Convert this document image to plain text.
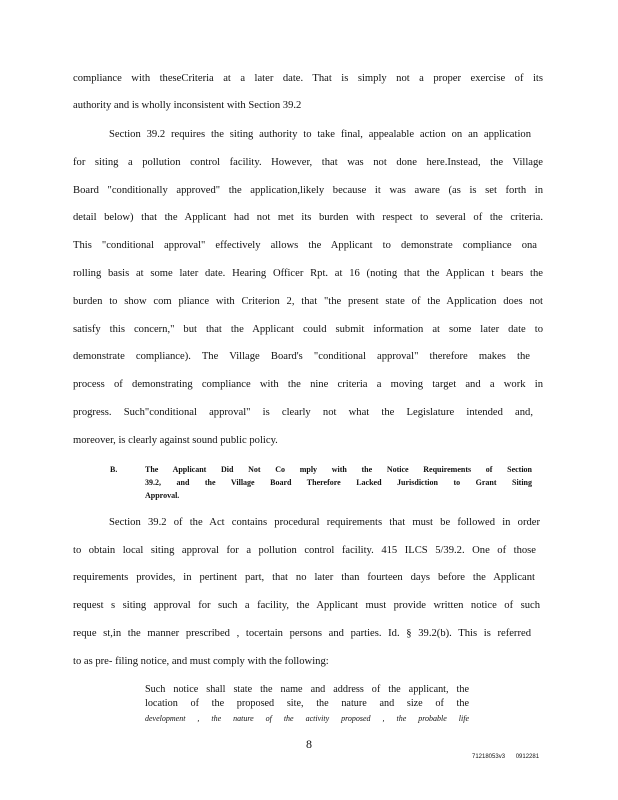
compliance with theseCriteria at a later date. That is simply not a proper exercise of its
authority and is wholly inconsistent with Section 39.2
Section 39.2 requires the siting authority to take final, appealable action on an application
for siting a pollution control facility. However, that was not done here.Instead, the Village
Board "conditionally approved" the application,likely because it was aware (as is set forth in
detail below) that the Applicant had not met its burden with respect to several of the criteria.
This "conditional approval" effectively allows the Applicant to demonstrate compliance ona
rolling basis at some later date. Hearing Officer Rpt. at 16 (noting that the Applican t bears the
burden to show com pliance with Criterion 2, that "the present state of the Application does not
satisfy this concern," but that the Applicant could submit information at some later date to
demonstrate compliance). The Village Board's "conditional approval" therefore makes the
process of demonstrating compliance with the nine criteria a moving target and a work in
progress. Such"conditional approval" is clearly not what the Legislature intended and,
moreover, is clearly against sound public policy.
B.	The Applicant Did Not Co mply with the Notice Requirements of Section
39.2, and the Village Board Therefore Lacked Jurisdiction to Grant Siting
Approval.
Section 39.2 of the Act contains procedural requirements that must be followed in order
to obtain local siting approval for a pollution control facility. 415 ILCS 5/39.2. One of those
requirements provides, in pertinent part, that no later than fourteen days before the Applicant
request s siting approval for such a facility, the Applicant must provide written notice of such
reque st,in the manner prescribed , tocertain persons and parties. Id. § 39.2(b). This is referred
to as pre- filing notice, and must comply with the following:
Such notice shall state the name and address of the applicant, the
location of the proposed site, the nature and size of the
development , the nature of the activity proposed , the probable life
8
71218053v3 0912281
